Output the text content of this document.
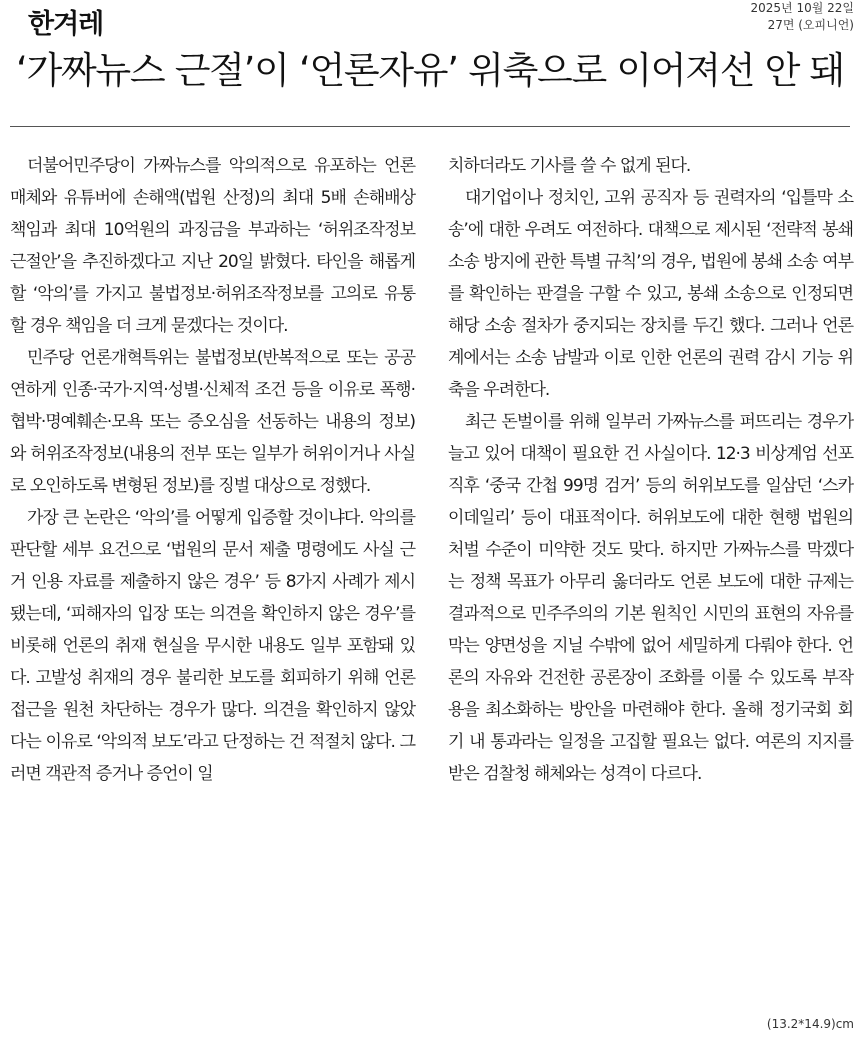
한겨레
2025년 10월 22일
27면 (오피니언)
‘가짜뉴스 근절’이 ‘언론자유’ 위축으로 이어져선 안 돼

더불어민주당이 가짜뉴스를 악의적으로 유포하는 언론 매체와 유튜버에 손해액(법원 산정)의 최대 5배 손해배상 책임과 최대 10억원의 과징금을 부과하는 ‘허위조작정보 근절안’을 추진하겠다고 지난 20일 밝혔다. 타인을 해롭게 할 ‘악의’를 가지고 불법정보·허위조작정보를 고의로 유통할 경우 책임을 더 크게 묻겠다는 것이다.

민주당 언론개혁특위는 불법정보(반복적으로 또는 공공연하게 인종·국가·지역·성별·신체적 조건 등을 이유로 폭행·협박·명예훼손·모욕 또는 증오심을 선동하는 내용의 정보)와 허위조작정보(내용의 전부 또는 일부가 허위이거나 사실로 오인하도록 변형된 정보)를 징벌 대상으로 정했다.

가장 큰 논란은 ‘악의’를 어떻게 입증할 것이냐다. 악의를 판단할 세부 요건으로 ‘법원의 문서 제출 명령에도 사실 근거 인용 자료를 제출하지 않은 경우’ 등 8가지 사례가 제시됐는데, ‘피해자의 입장 또는 의견을 확인하지 않은 경우’를 비롯해 언론의 취재 현실을 무시한 내용도 일부 포함돼 있다. 고발성 취재의 경우 불리한 보도를 회피하기 위해 언론 접근을 원천 차단하는 경우가 많다. 의견을 확인하지 않았다는 이유로 ‘악의적 보도’라고 단정하는 건 적절치 않다. 그러면 객관적 증거나 증언이 일

치하더라도 기사를 쓸 수 없게 된다.

대기업이나 정치인, 고위 공직자 등 권력자의 ‘입틀막 소송’에 대한 우려도 여전하다. 대책으로 제시된 ‘전략적 봉쇄 소송 방지에 관한 특별 규칙’의 경우, 법원에 봉쇄 소송 여부를 확인하는 판결을 구할 수 있고, 봉쇄 소송으로 인정되면 해당 소송 절차가 중지되는 장치를 두긴 했다. 그러나 언론계에서는 소송 남발과 이로 인한 언론의 권력 감시 기능 위축을 우려한다.

최근 돈벌이를 위해 일부러 가짜뉴스를 퍼뜨리는 경우가 늘고 있어 대책이 필요한 건 사실이다. 12·3 비상계엄 선포 직후 ‘중국 간첩 99명 검거’ 등의 허위보도를 일삼던 ‘스카이데일리’ 등이 대표적이다. 허위보도에 대한 현행 법원의 처벌 수준이 미약한 것도 맞다. 하지만 가짜뉴스를 막겠다는 정책 목표가 아무리 옳더라도 언론 보도에 대한 규제는 결과적으로 민주주의의 기본 원칙인 시민의 표현의 자유를 막는 양면성을 지닐 수밖에 없어 세밀하게 다뤄야 한다. 언론의 자유와 건전한 공론장이 조화를 이룰 수 있도록 부작용을 최소화하는 방안을 마련해야 한다. 올해 정기국회 회기 내 통과라는 일정을 고집할 필요는 없다. 여론의 지지를 받은 검찰청 해체와는 성격이 다르다.

(13.2*14.9)cm
